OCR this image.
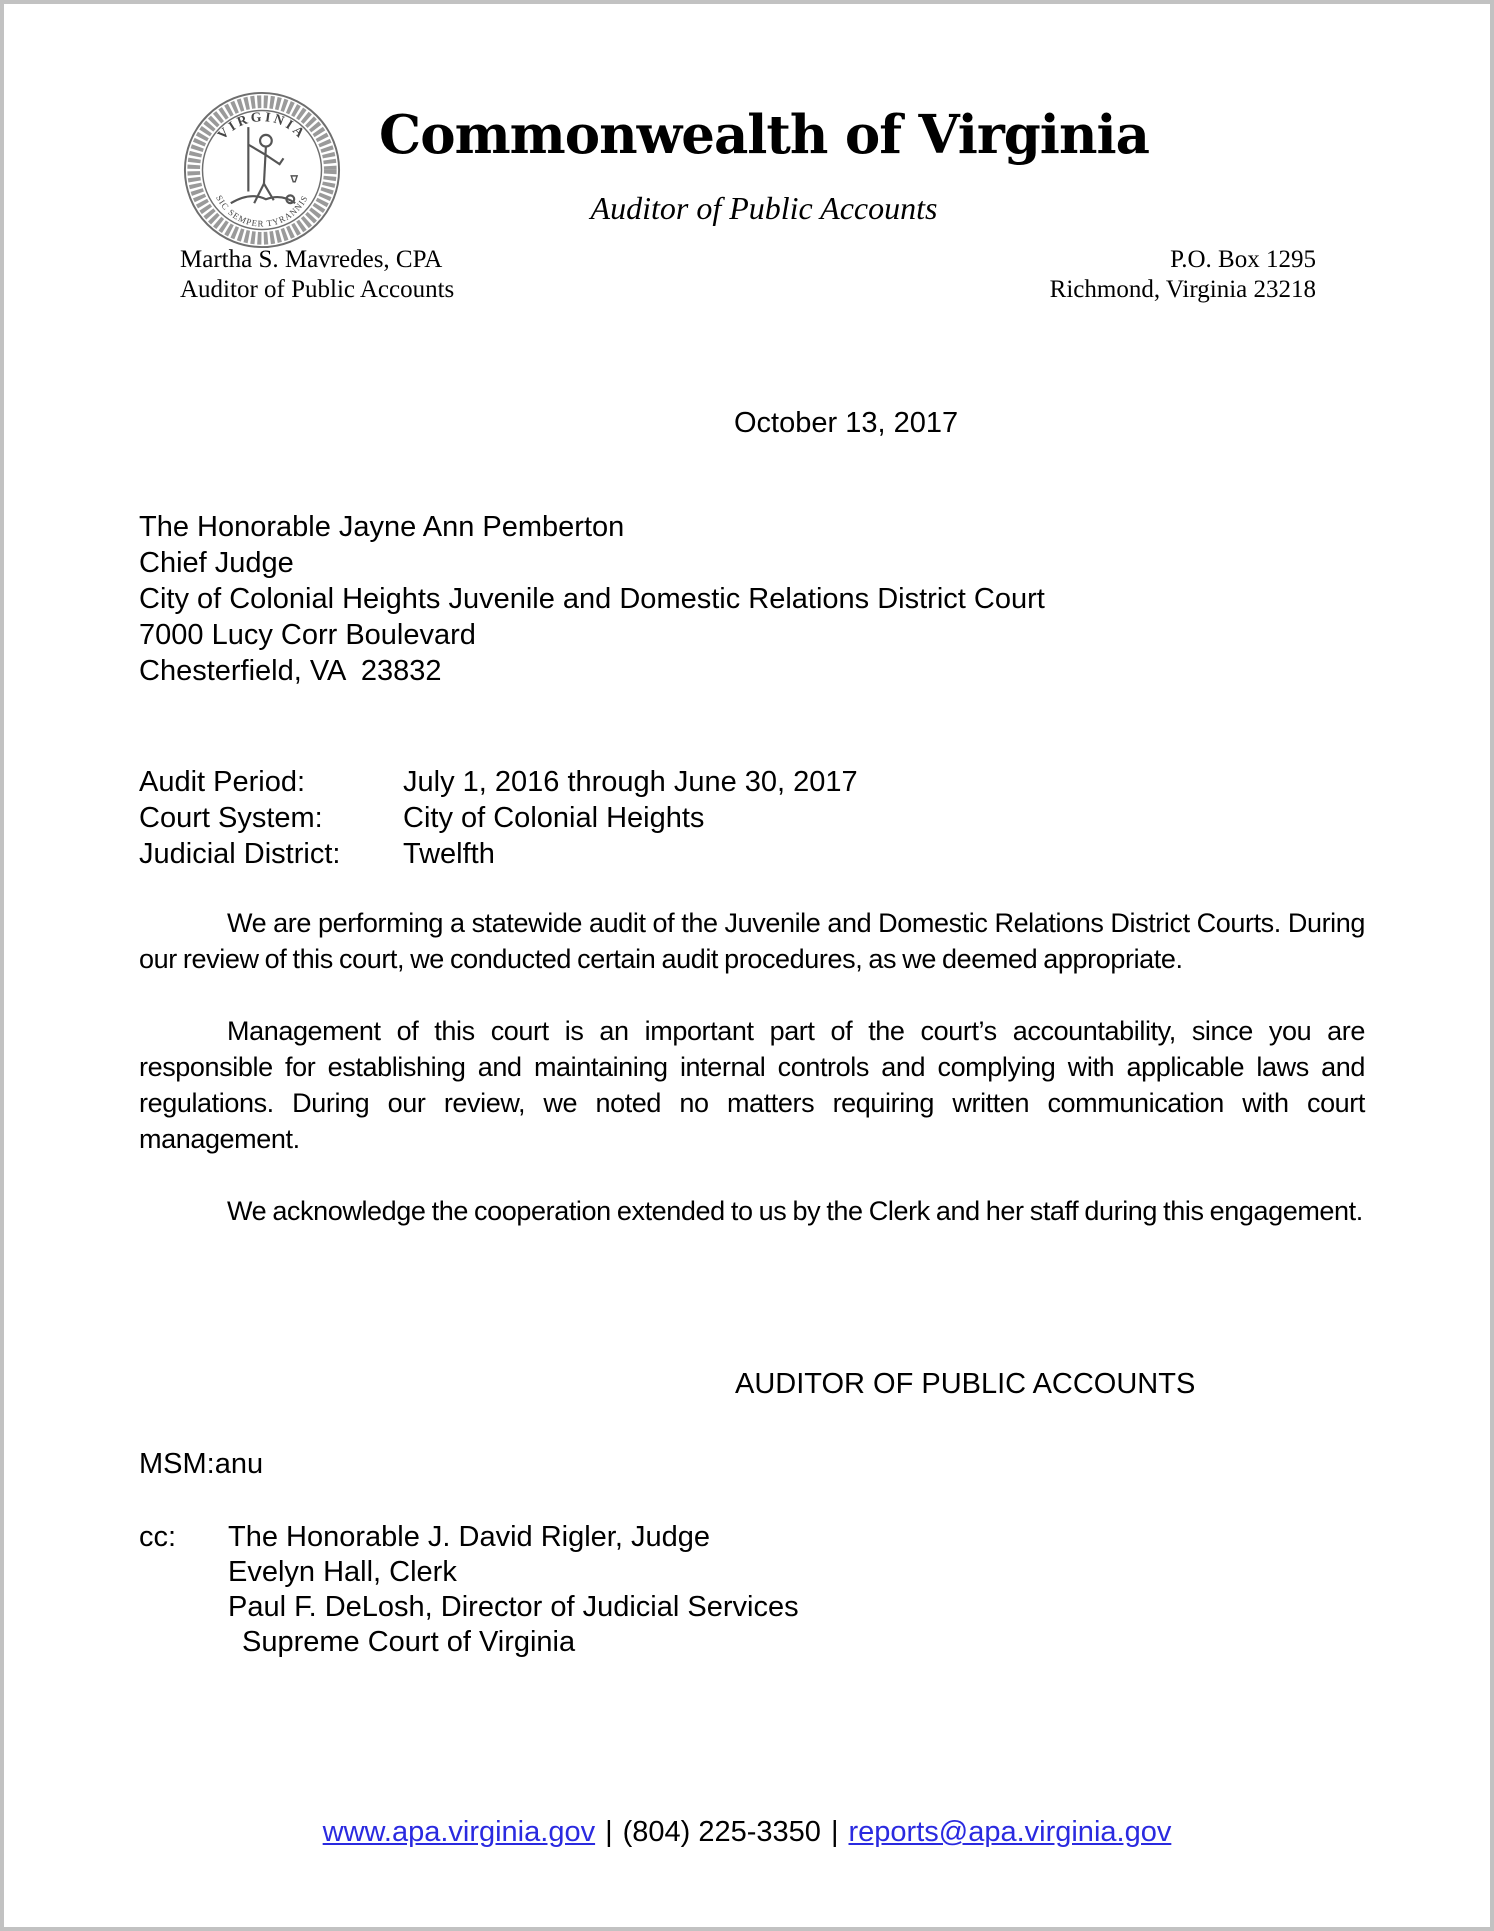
VIRGINIA
SIC SEMPER TYRANNIS
Commonwealth of Virginia
Auditor of Public Accounts
Martha S. Mavredes, CPA
Auditor of Public Accounts
P.O. Box 1295
Richmond, Virginia 23218
October 13, 2017
The Honorable Jayne Ann Pemberton
Chief Judge
City of Colonial Heights Juvenile and Domestic Relations District Court
7000 Lucy Corr Boulevard
Chesterfield, VA  23832
Audit Period:	July 1, 2016 through June 30, 2017
Court System:	City of Colonial Heights
Judicial District:	Twelfth

We are performing a statewide audit of the Juvenile and Domestic Relations District Courts. During our review of this court, we conducted certain audit procedures, as we deemed appropriate.

Management of this court is an important part of the court’s accountability, since you are responsible for establishing and maintaining internal controls and complying with applicable laws and regulations. During our review, we noted no matters requiring written communication with court management.

We acknowledge the cooperation extended to us by the Clerk and her staff during this engagement.

AUDITOR OF PUBLIC ACCOUNTS
MSM:anu
cc:	The Honorable J. David Rigler, Judge
Evelyn Hall, Clerk
Paul F. DeLosh, Director of Judicial Services
Supreme Court of Virginia
www.apa.virginia.gov | (804) 225-3350 | reports@apa.virginia.gov
